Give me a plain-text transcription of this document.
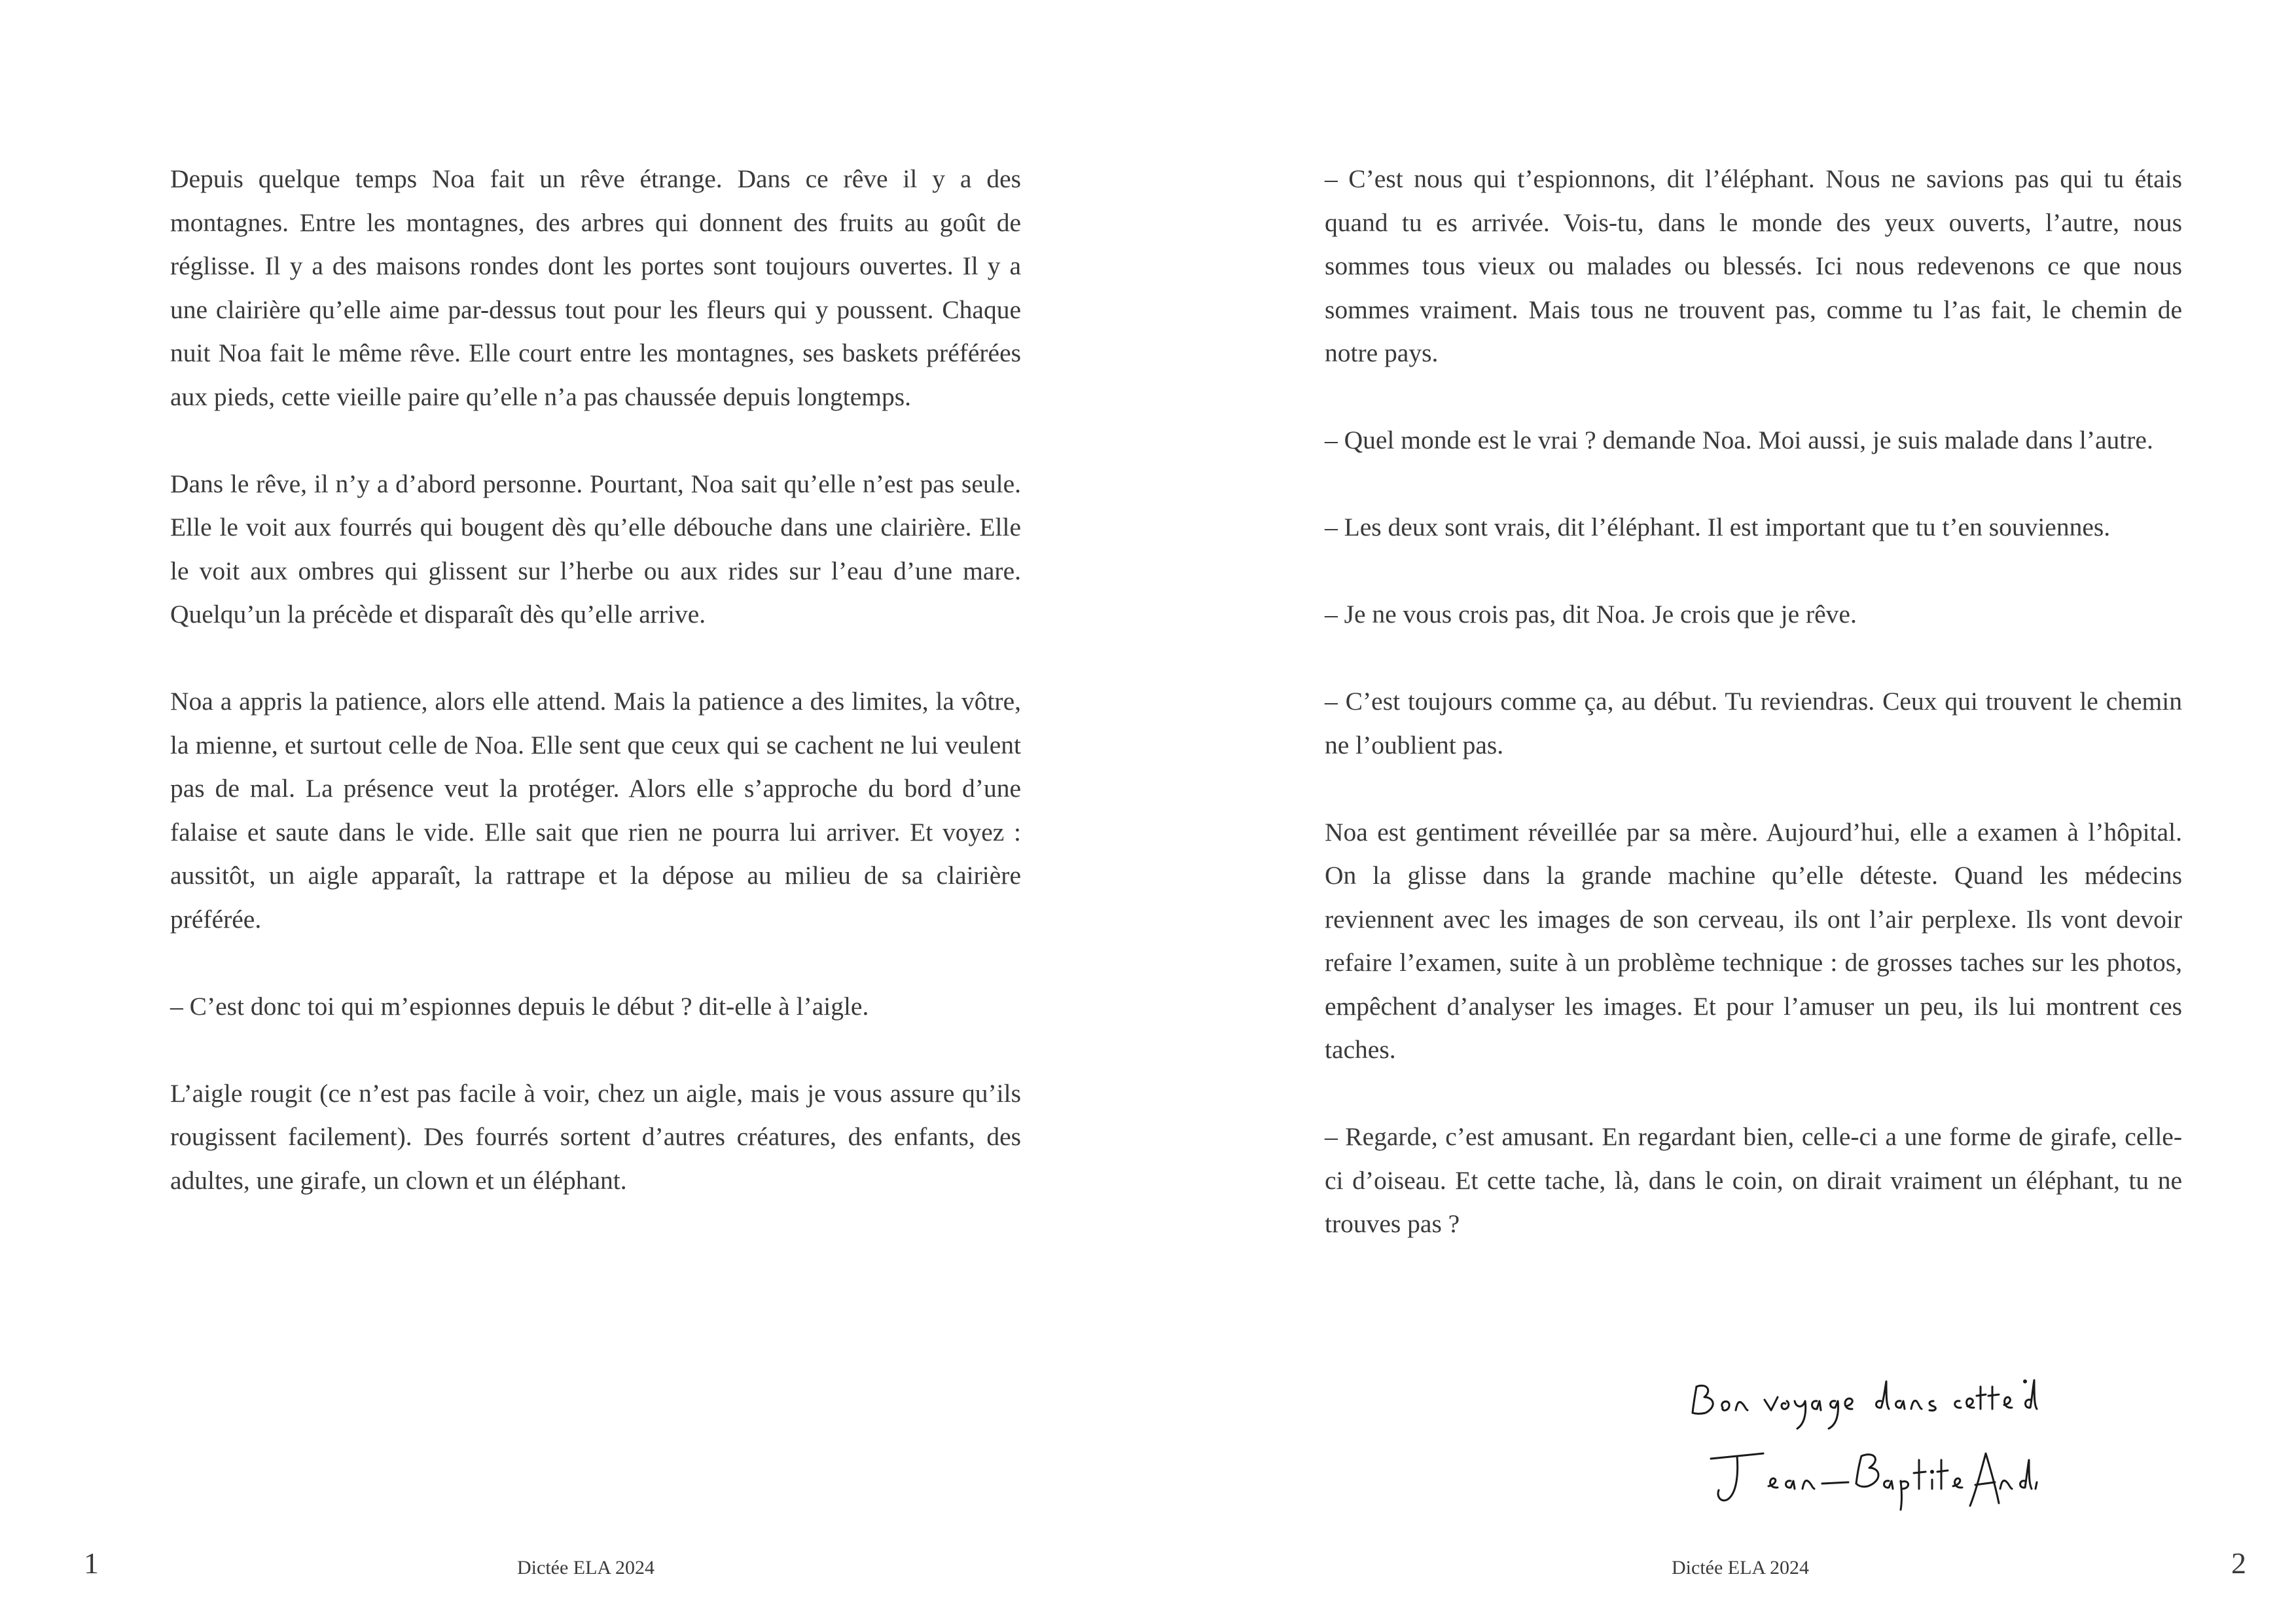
Depuis quelque temps Noa fait un rêve étrange. Dans ce rêve il y a des montagnes. Entre les montagnes, des arbres qui donnent des fruits au goût de réglisse. Il y a des maisons rondes dont les portes sont toujours ouvertes. Il y a une clairière qu’elle aime par-dessus tout pour les fleurs qui y poussent. Chaque nuit Noa fait le même rêve. Elle court entre les montagnes, ses baskets préférées aux pieds, cette vieille paire qu’elle n’a pas chaussée depuis longtemps.

Dans le rêve, il n’y a d’abord personne. Pourtant, Noa sait qu’elle n’est pas seule. Elle le voit aux fourrés qui bougent dès qu’elle débouche dans une clairière. Elle le voit aux ombres qui glissent sur l’herbe ou aux rides sur l’eau d’une mare. Quelqu’un la précède et disparaît dès qu’elle arrive.

Noa a appris la patience, alors elle attend. Mais la patience a des limites, la vôtre, la mienne, et surtout celle de Noa. Elle sent que ceux qui se cachent ne lui veulent pas de mal. La présence veut la protéger. Alors elle s’approche du bord d’une falaise et saute dans le vide. Elle sait que rien ne pourra lui arriver. Et voyez : aussitôt, un aigle apparaît, la rattrape et la dépose au milieu de sa clairière préférée.

– C’est donc toi qui m’espionnes depuis le début ? dit-elle à l’aigle.

L’aigle rougit (ce n’est pas facile à voir, chez un aigle, mais je vous assure qu’ils rougissent facilement). Des fourrés sortent d’autres créatures, des enfants, des adultes, une girafe, un clown et un éléphant.

1	Dictée ELA 2024

– C’est nous qui t’espionnons, dit l’éléphant. Nous ne savions pas qui tu étais quand tu es arrivée. Vois-tu, dans le monde des yeux ouverts, l’autre, nous sommes tous vieux ou malades ou blessés. Ici nous redevenons ce que nous sommes vraiment. Mais tous ne trouvent pas, comme tu l’as fait, le chemin de notre pays.

– Quel monde est le vrai ? demande Noa. Moi aussi, je suis malade dans l’autre.

– Les deux sont vrais, dit l’éléphant. Il est important que tu t’en souviennes.

– Je ne vous crois pas, dit Noa. Je crois que je rêve.

– C’est toujours comme ça, au début. Tu reviendras. Ceux qui trouvent le chemin ne l’oublient pas.

Noa est gentiment réveillée par sa mère. Aujourd’hui, elle a examen à l’hôpital. On la glisse dans la grande machine qu’elle déteste. Quand les médecins reviennent avec les images de son cerveau, ils ont l’air perplexe. Ils vont devoir refaire l’examen, suite à un problème technique : de grosses taches sur les photos, empêchent d’analyser les images. Et pour l’amuser un peu, ils lui montrent ces taches.

– Regarde, c’est amusant. En regardant bien, celle-ci a une forme de girafe, celle-ci d’oiseau. Et cette tache, là, dans le coin, on dirait vraiment un éléphant, tu ne trouves pas ?

Dictée ELA 2024	2
